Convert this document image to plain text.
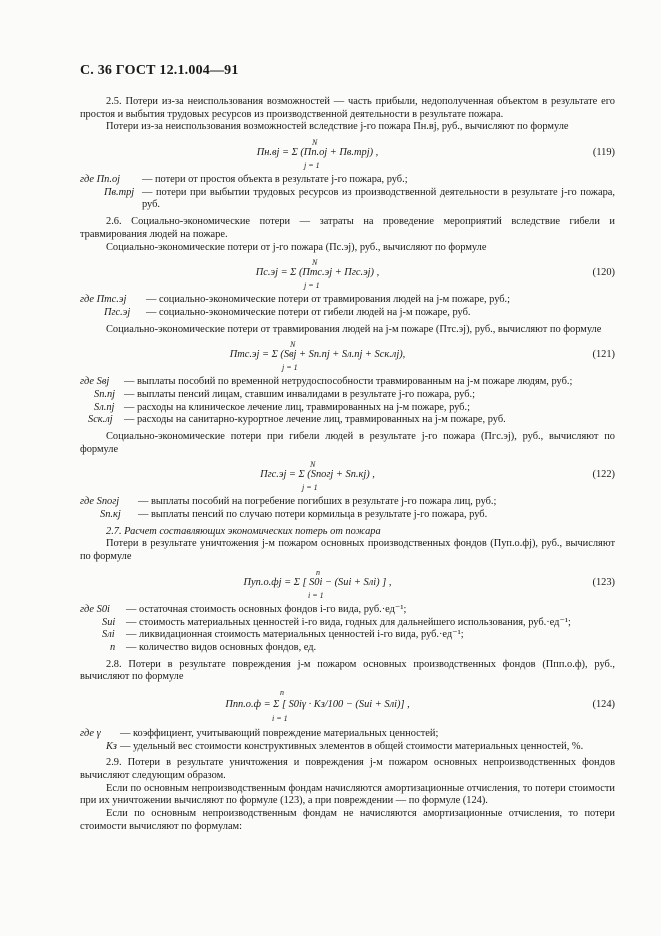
С. 36 ГОСТ 12.1.004—91

2.5. Потери из-за неиспользования возможностей — часть прибыли, недополученная объектом в результате его простоя и выбытия трудовых ресурсов из производственной деятельности в результате пожара.

Потери из-за неиспользования возможностей вследствие j-го пожара Пн.вj, руб., вычисляют по формуле

N
Пн.вj = Σ (Пп.оj + Пв.трj) ,
j = 1
(119)
где Пп.оj	— потери от простоя объекта в результате j-го пожара, руб.;
Пв.трj — потери при выбытии трудовых ресурсов из производственной деятельности в результате j-го пожара, руб.

2.6. Социально-экономические потери — затраты на проведение мероприятий вследствие гибели и травмирования людей на пожаре.

Социально-экономические потери от j-го пожара (Пс.эj), руб., вычисляют по формуле

N
Пс.эj = Σ (Птс.эj + Пгс.эj) ,
j = 1
(120)
где Птс.эj	— социально-экономические потери от травмирования людей на j-м пожаре, руб.;
Пгс.эj	— социально-экономические потери от гибели людей на j-м пожаре, руб.

Социально-экономические потери от травмирования людей на j-м пожаре (Птс.эj), руб., вычисляют по формуле

N
Птс.эj = Σ (Sвj + Sп.пj + Sл.пj + Sск.лj),
j = 1
(121)
где Sвj	— выплаты пособий по временной нетрудоспособности травмированным на j-м пожаре людям, руб.;
Sп.пj — выплаты пенсий лицам, ставшим инвалидами в результате j-го пожара, руб.;
Sл.пj — расходы на клиническое лечение лиц, травмированных на j-м пожаре, руб.;
Sск.лj	— расходы на санитарно-курортное лечение лиц, травмированных на j-м пожаре, руб.

Социально-экономические потери при гибели людей в результате j-го пожара (Пгс.эj), руб., вычисляют по формуле

N
Пгс.эj = Σ (Sпогj + Sп.кj) ,
j = 1
(122)
где Sпогj	— выплаты пособий на погребение погибших в результате j-го пожара лиц, руб.;
Sп.кj	— выплаты пенсий по случаю потери кормильца в результате j-го пожара, руб.

2.7. Расчет составляющих экономических потерь от пожара

Потери в результате уничтожения j-м пожаром основных производственных фондов (Пуп.о.фj), руб., вычисляют по формуле

n
Пуп.о.фj = Σ [ S0i − (Sиi + Sлi) ] ,
i = 1
(123)
где S0i	— остаточная стоимость основных фондов i-го вида, руб.·ед⁻¹;
Sиi	— стоимость материальных ценностей i-го вида, годных для дальнейшего использования, руб.·ед⁻¹;
Sлi	— ликвидационная стоимость материальных ценностей i-го вида, руб.·ед⁻¹;
n	— количество видов основных фондов, ед.

2.8. Потери в результате повреждения j-м пожаром основных производственных фондов (Ппп.о.ф), руб., вычисляют по формуле

n
Ппп.о.ф = Σ [ S0iγ · Kз/100 − (Sиi + Sлi)] ,
i = 1
(124)
где γ	— коэффициент, учитывающий повреждение материальных ценностей;
Kз — удельный вес стоимости конструктивных элементов в общей стоимости материальных ценностей, %.

2.9. Потери в результате уничтожения и повреждения j-м пожаром основных непроизводственных фондов вычисляют следующим образом.

Если по основным непроизводственным фондам начисляются амортизационные отчисления, то потери стоимости при их уничтожении вычисляют по формуле (123), а при повреждении — по формуле (124).

Если по основным непроизводственным фондам не начисляются амортизационные отчисления, то потери стоимости вычисляют по формулам:
